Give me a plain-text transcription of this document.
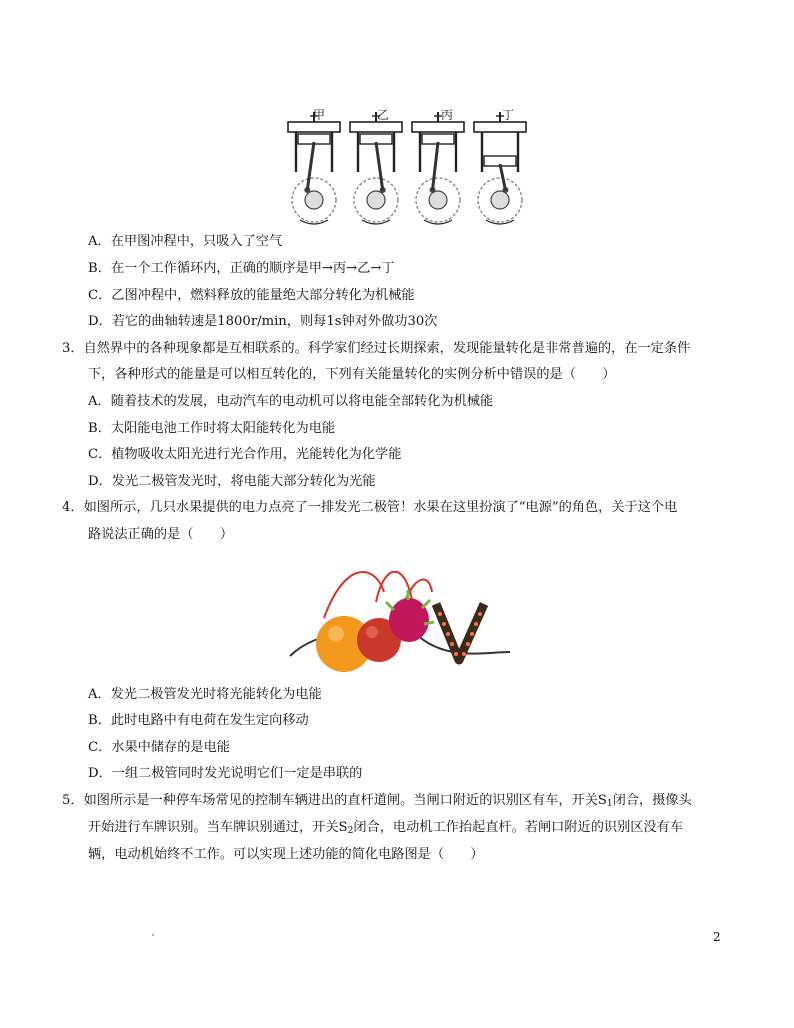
甲	乙	丙	丁
A．在甲图冲程中，只吸入了空气
B．在一个工作循环内，正确的顺序是甲→丙→乙→丁
C．乙图冲程中，燃料释放的能量绝大部分转化为机械能
D．若它的曲轴转速是1800r/min，则每1s钟对外做功30次
3．自然界中的各种现象都是互相联系的。科学家们经过长期探索，发现能量转化是非常普遍的，在一定条件
下，各种形式的能量是可以相互转化的，下列有关能量转化的实例分析中错误的是（　　）
A．随着技术的发展，电动汽车的电动机可以将电能全部转化为机械能
B．太阳能电池工作时将太阳能转化为电能
C．植物吸收太阳光进行光合作用，光能转化为化学能
D．发光二极管发光时，将电能大部分转化为光能
4．如图所示，几只水果提供的电力点亮了一排发光二极管！水果在这里扮演了“电源”的角色，关于这个电
路说法正确的是（　　）
A．发光二极管发光时将光能转化为电能
B．此时电路中有电荷在发生定向移动
C．水果中储存的是电能
D．一组二极管同时发光说明它们一定是串联的
5．如图所示是一种停车场常见的控制车辆进出的直杆道闸。当闸口附近的识别区有车，开关$S_1$闭合，摄像头
开始进行车牌识别。当车牌识别通过，开关$S_2$闭合，电动机工作抬起直杆。若闸口附近的识别区没有车
辆，电动机始终不工作。可以实现上述功能的简化电路图是（　　）
2
